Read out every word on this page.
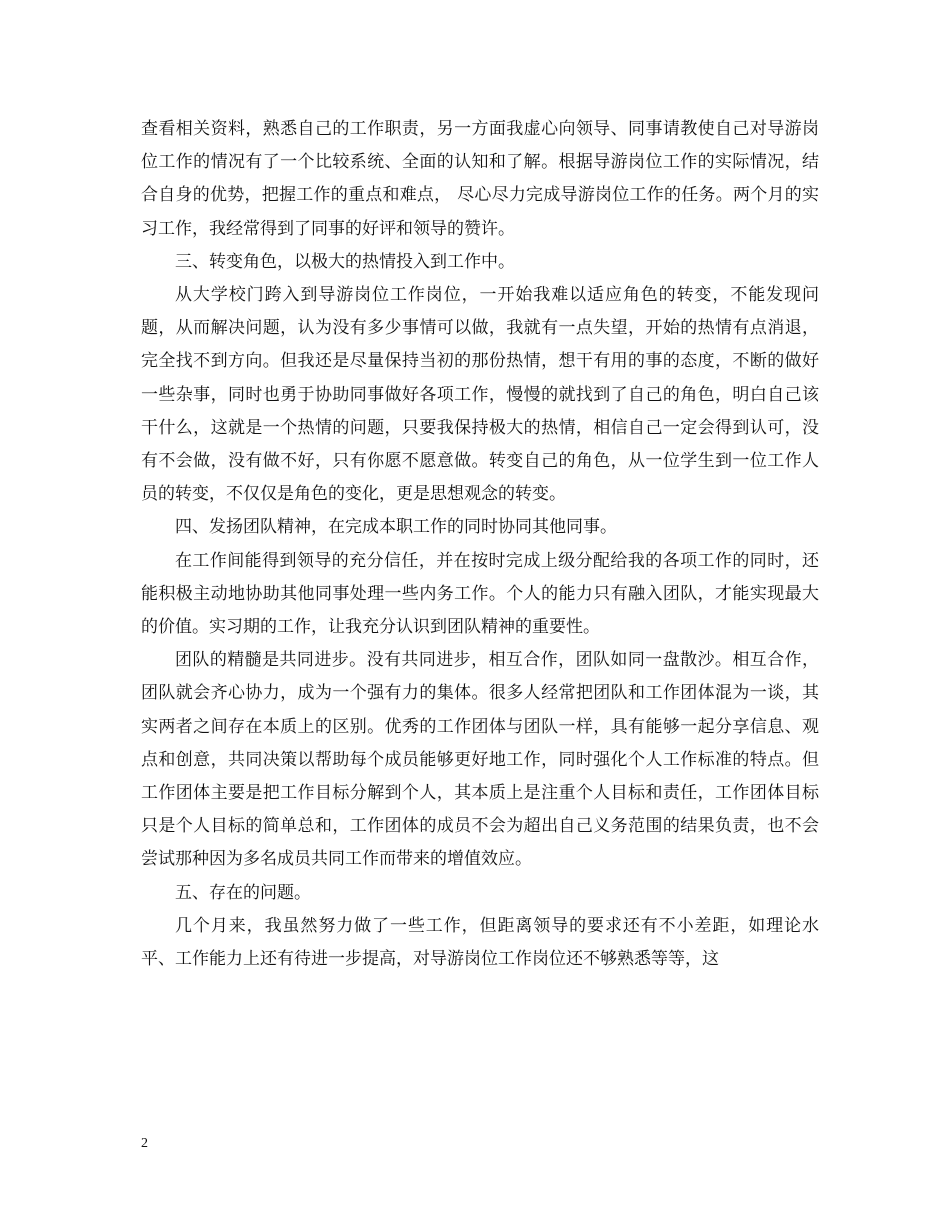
查看相关资料，熟悉自己的工作职责，另一方面我虚心向领导、同事请教使自己对导游岗位工作的情况有了一个比较系统、全面的认知和了解。根据导游岗位工作的实际情况，结合自身的优势，把握工作的重点和难点， 尽心尽力完成导游岗位工作的任务。两个月的实习工作，我经常得到了同事的好评和领导的赞许。

三、转变角色，以极大的热情投入到工作中。

从大学校门跨入到导游岗位工作岗位，一开始我难以适应角色的转变，不能发现问题，从而解决问题，认为没有多少事情可以做，我就有一点失望，开始的热情有点消退，完全找不到方向。但我还是尽量保持当初的那份热情，想干有用的事的态度，不断的做好一些杂事，同时也勇于协助同事做好各项工作，慢慢的就找到了自己的角色，明白自己该干什么，这就是一个热情的问题，只要我保持极大的热情，相信自己一定会得到认可，没有不会做，没有做不好，只有你愿不愿意做。转变自己的角色，从一位学生到一位工作人员的转变，不仅仅是角色的变化，更是思想观念的转变。

四、发扬团队精神，在完成本职工作的同时协同其他同事。

在工作间能得到领导的充分信任，并在按时完成上级分配给我的各项工作的同时，还能积极主动地协助其他同事处理一些内务工作。个人的能力只有融入团队，才能实现最大的价值。实习期的工作，让我充分认识到团队精神的重要性。

团队的精髓是共同进步。没有共同进步，相互合作，团队如同一盘散沙。相互合作，团队就会齐心协力，成为一个强有力的集体。很多人经常把团队和工作团体混为一谈，其实两者之间存在本质上的区别。优秀的工作团体与团队一样，具有能够一起分享信息、观点和创意，共同决策以帮助每个成员能够更好地工作，同时强化个人工作标准的特点。但工作团体主要是把工作目标分解到个人，其本质上是注重个人目标和责任，工作团体目标只是个人目标的简单总和，工作团体的成员不会为超出自己义务范围的结果负责，也不会尝试那种因为多名成员共同工作而带来的增值效应。

五、存在的问题。

几个月来，我虽然努力做了一些工作，但距离领导的要求还有不小差距，如理论水平、工作能力上还有待进一步提高，对导游岗位工作岗位还不够熟悉等等，这

2
